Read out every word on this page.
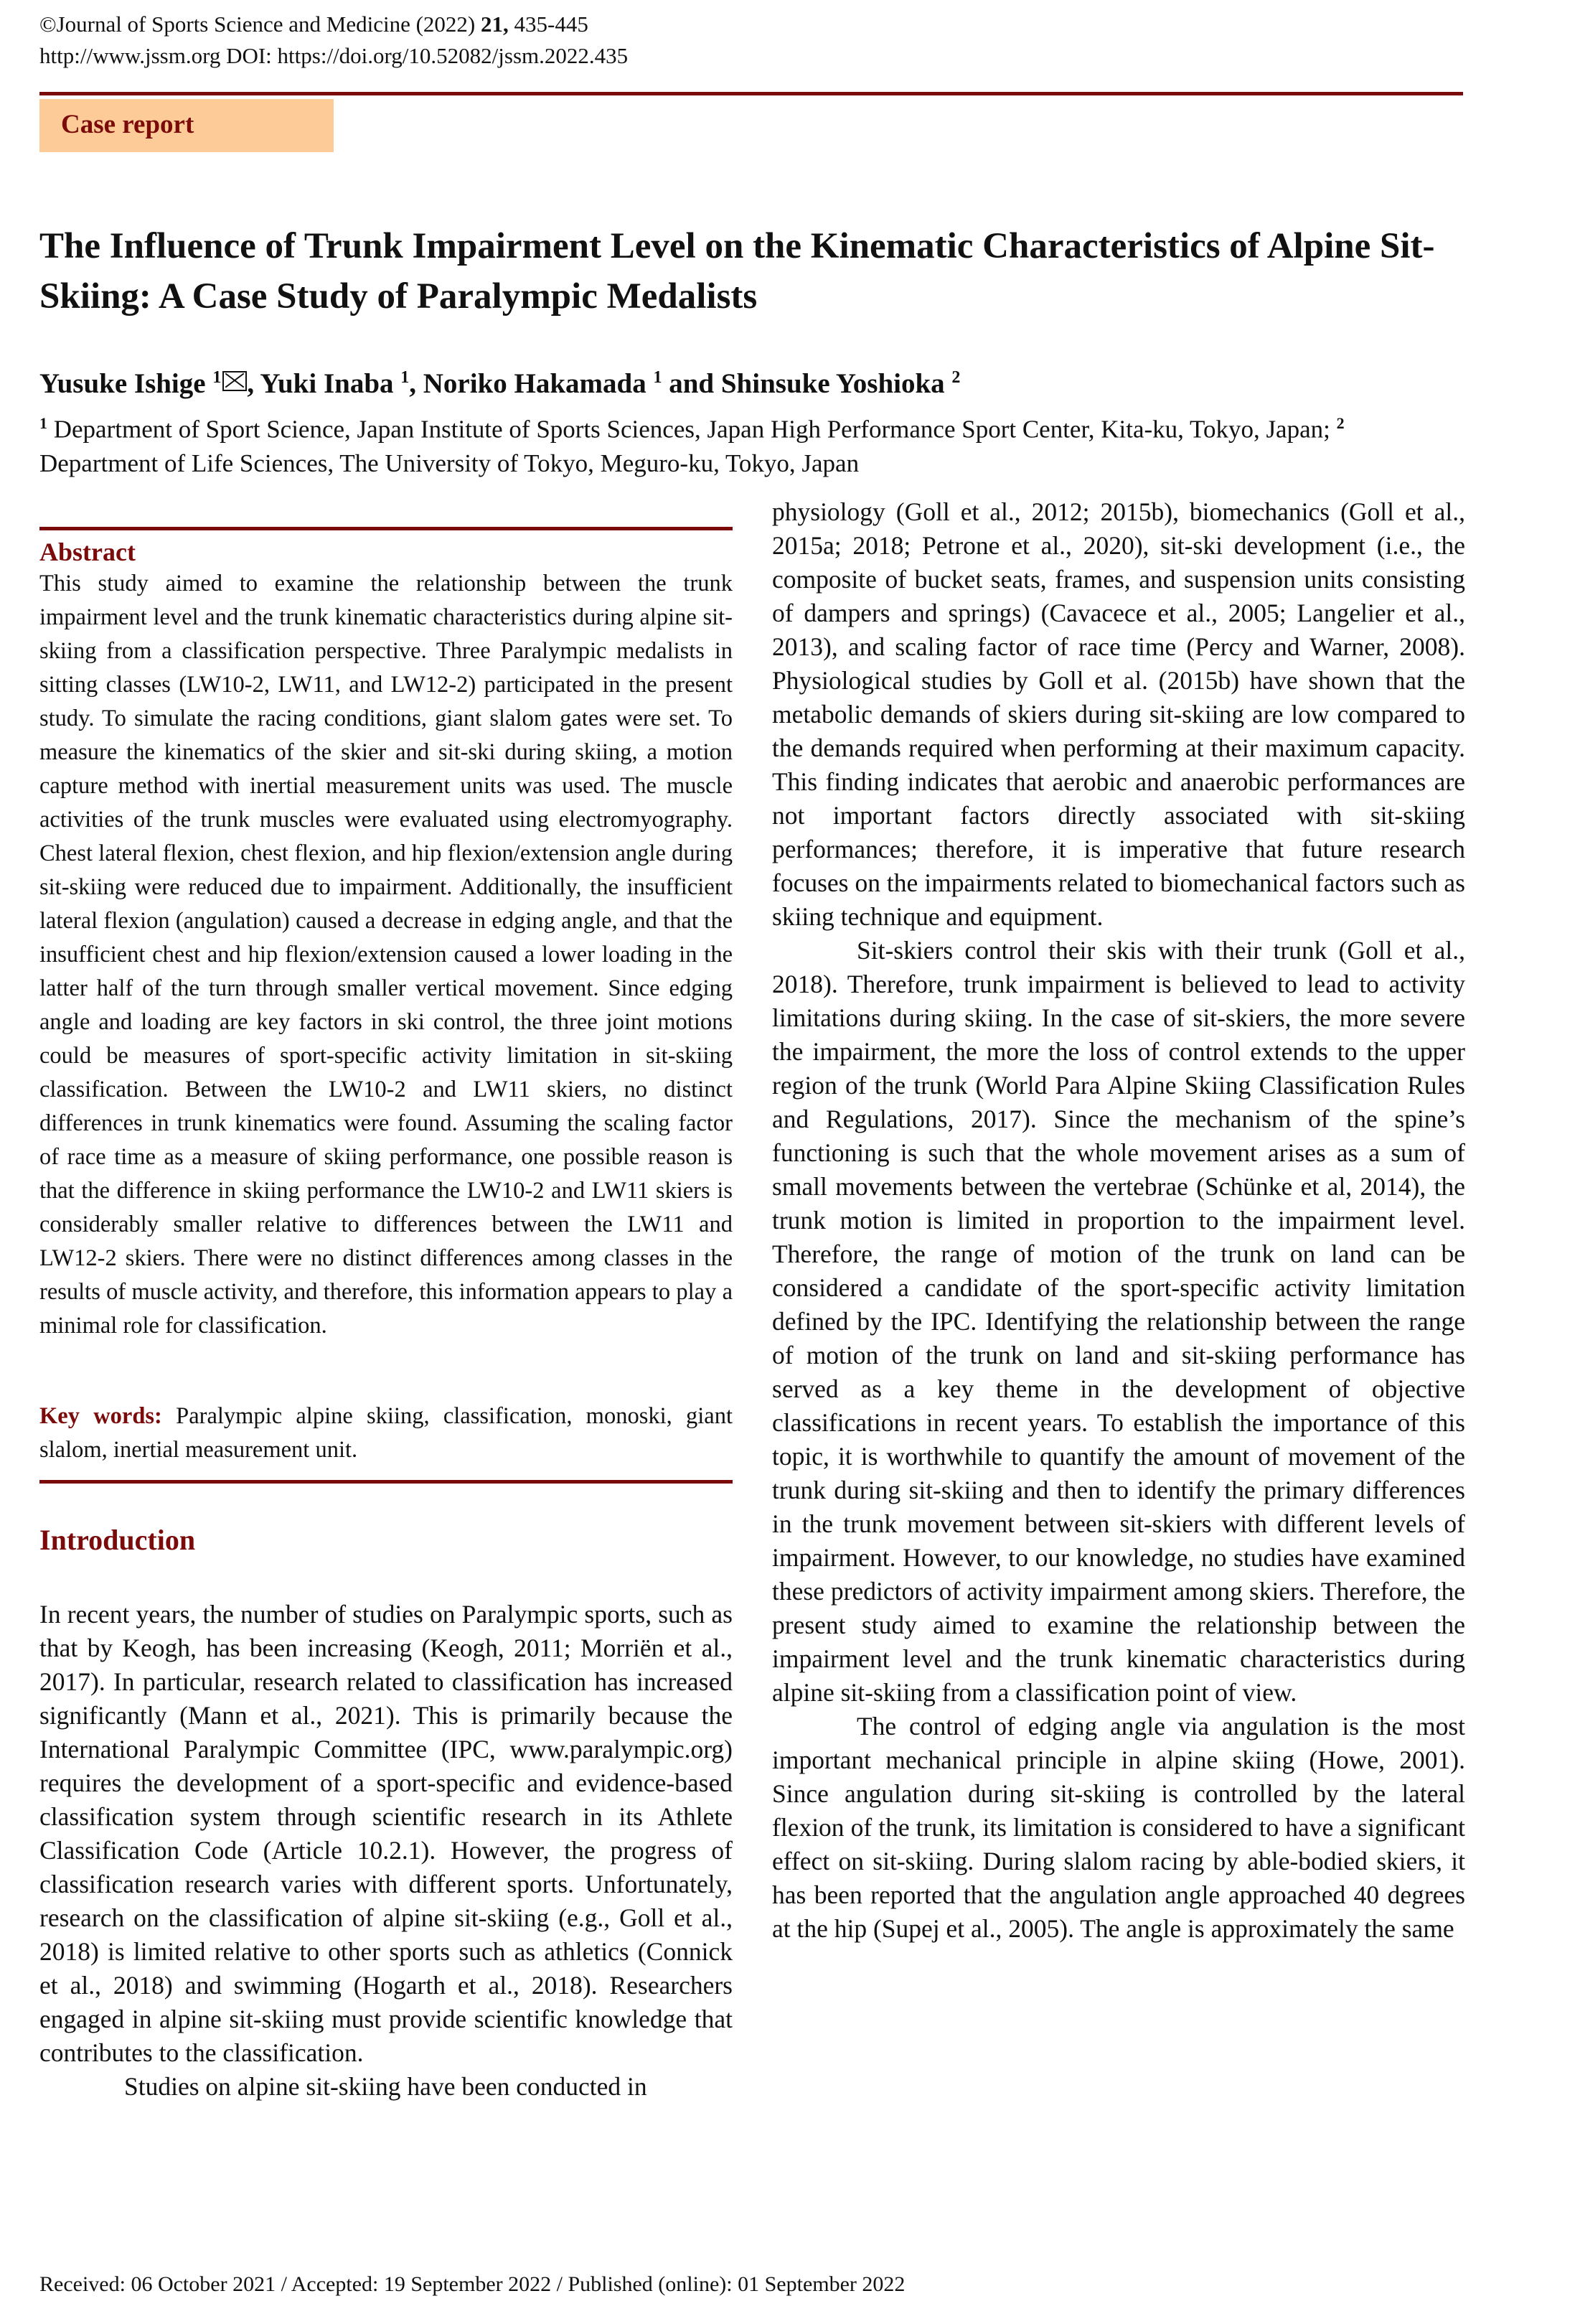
©Journal of Sports Science and Medicine (2022) 21, 435-445
http://www.jssm.org DOI: https://doi.org/10.52082/jssm.2022.435
Case report
The Influence of Trunk Impairment Level on the Kinematic Characteristics of Alpine Sit-Skiing: A Case Study of Paralympic Medalists
Yusuke Ishige $^1$ , Yuki Inaba $^1$, Noriko Hakamada $^1$ and Shinsuke Yoshioka $^2$
$^1$ Department of Sport Science, Japan Institute of Sports Sciences, Japan High Performance Sport Center, Kita-ku, Tokyo, Japan; $^2$ Department of Life Sciences, The University of Tokyo, Meguro-ku, Tokyo, Japan
Abstract

This study aimed to examine the relationship between the trunk impairment level and the trunk kinematic characteristics during alpine sit-skiing from a classification perspective. Three Paralympic medalists in sitting classes (LW10-2, LW11, and LW12-2) participated in the present study. To simulate the racing conditions, giant slalom gates were set. To measure the kinematics of the skier and sit-ski during skiing, a motion capture method with inertial measurement units was used. The muscle activities of the trunk muscles were evaluated using electromyography. Chest lateral flexion, chest flexion, and hip flexion/extension angle during sit-skiing were reduced due to impairment. Additionally, the insufficient lateral flexion (angulation) caused a decrease in edging angle, and that the insufficient chest and hip flexion/extension caused a lower loading in the latter half of the turn through smaller vertical movement. Since edging angle and loading are key factors in ski control, the three joint motions could be measures of sport-specific activity limitation in sit-skiing classification. Between the LW10-2 and LW11 skiers, no distinct differences in trunk kinematics were found. Assuming the scaling factor of race time as a measure of skiing performance, one possible reason is that the difference in skiing performance the LW10-2 and LW11 skiers is considerably smaller relative to differences between the LW11 and LW12-2 skiers. There were no distinct differences among classes in the results of muscle activity, and therefore, this information appears to play a minimal role for classification.

Key words: Paralympic alpine skiing, classification, monoski, giant slalom, inertial measurement unit.
Introduction

In recent years, the number of studies on Paralympic sports, such as that by Keogh, has been increasing (Keogh, 2011; Morriën et al., 2017). In particular, research related to classification has increased significantly (Mann et al., 2021). This is primarily because the International Paralympic Committee (IPC, www.paralympic.org) requires the development of a sport-specific and evidence-based classification system through scientific research in its Athlete Classification Code (Article 10.2.1). However, the progress of classification research varies with different sports. Unfortunately, research on the classification of alpine sit-skiing (e.g., Goll et al., 2018) is limited relative to other sports such as athletics (Connick et al., 2018) and swimming (Hogarth et al., 2018). Researchers engaged in alpine sit-skiing must provide scientific knowledge that contributes to the classification.

Studies on alpine sit-skiing have been conducted in

physiology (Goll et al., 2012; 2015b), biomechanics (Goll et al., 2015a; 2018; Petrone et al., 2020), sit-ski development (i.e., the composite of bucket seats, frames, and suspension units consisting of dampers and springs) (Cavacece et al., 2005; Langelier et al., 2013), and scaling factor of race time (Percy and Warner, 2008). Physiological studies by Goll et al. (2015b) have shown that the metabolic demands of skiers during sit-skiing are low compared to the demands required when performing at their maximum capacity. This finding indicates that aerobic and anaerobic performances are not important factors directly associated with sit-skiing performances; therefore, it is imperative that future research focuses on the impairments related to biomechanical factors such as skiing technique and equipment.

Sit-skiers control their skis with their trunk (Goll et al., 2018). Therefore, trunk impairment is believed to lead to activity limitations during skiing. In the case of sit-skiers, the more severe the impairment, the more the loss of control extends to the upper region of the trunk (World Para Alpine Skiing Classification Rules and Regulations, 2017). Since the mechanism of the spine’s functioning is such that the whole movement arises as a sum of small movements between the vertebrae (Schünke et al, 2014), the trunk motion is limited in proportion to the impairment level. Therefore, the range of motion of the trunk on land can be considered a candidate of the sport-specific activity limitation defined by the IPC. Identifying the relationship between the range of motion of the trunk on land and sit-skiing performance has served as a key theme in the development of objective classifications in recent years. To establish the importance of this topic, it is worthwhile to quantify the amount of movement of the trunk during sit-skiing and then to identify the primary differences in the trunk movement between sit-skiers with different levels of impairment. However, to our knowledge, no studies have examined these predictors of activity impairment among skiers. Therefore, the present study aimed to examine the relationship between the impairment level and the trunk kinematic characteristics during alpine sit-skiing from a classification point of view.

The control of edging angle via angulation is the most important mechanical principle in alpine skiing (Howe, 2001). Since angulation during sit-skiing is controlled by the lateral flexion of the trunk, its limitation is considered to have a significant effect on sit-skiing. During slalom racing by able-bodied skiers, it has been reported that the angulation angle approached 40 degrees at the hip (Supej et al., 2005). The angle is approximately the same

Received: 06 October 2021 / Accepted: 19 September 2022 / Published (online): 01 September 2022
